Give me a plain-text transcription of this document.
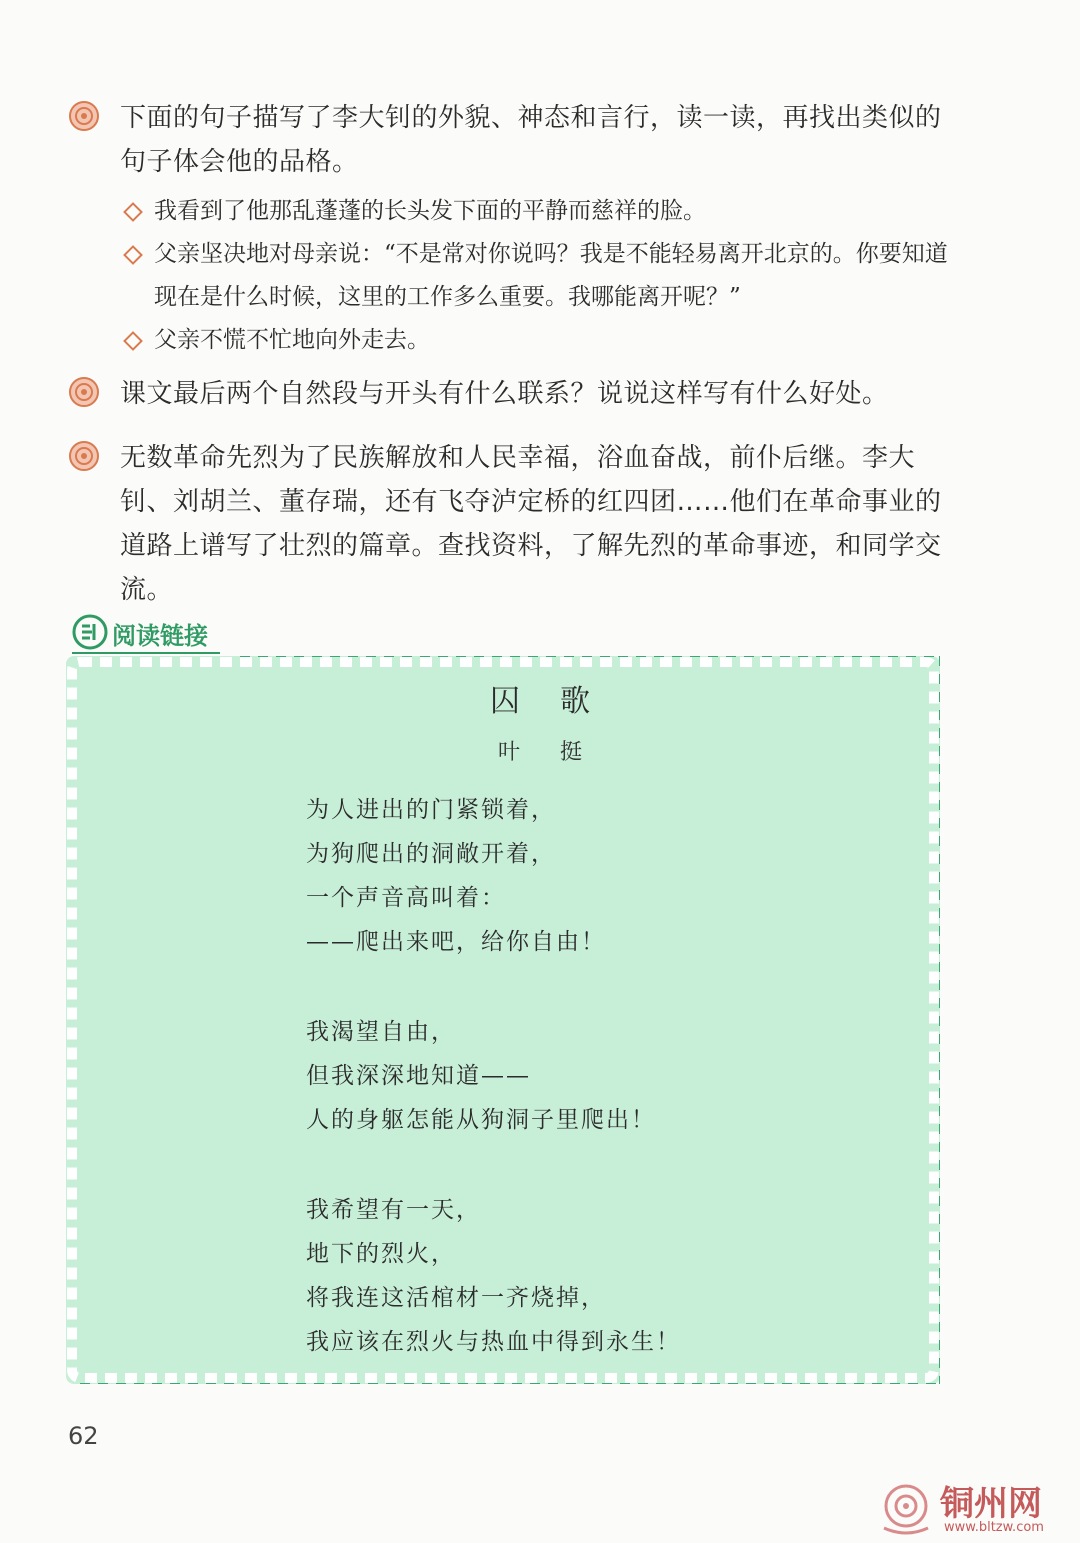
下面的句子描写了李大钊的外貌、神态和言行，读一读，再找出类似的句子体会他的品格。
我看到了他那乱蓬蓬的长头发下面的平静而慈祥的脸。
父亲坚决地对母亲说：“不是常对你说吗？我是不能轻易离开北京的。你要知道现在是什么时候，这里的工作多么重要。我哪能离开呢？”
父亲不慌不忙地向外走去。
课文最后两个自然段与开头有什么联系？说说这样写有什么好处。
无数革命先烈为了民族解放和人民幸福，浴血奋战，前仆后继。李大钊、刘胡兰、董存瑞，还有飞夺泸定桥的红四团……他们在革命事业的道路上谱写了壮烈的篇章。查找资料，了解先烈的革命事迹，和同学交流。
阅读链接
囚歌
叶挺
为人进出的门紧锁着，
为狗爬出的洞敞开着，
一个声音高叫着：
——爬出来吧，给你自由！
我渴望自由，
但我深深地知道——
人的身躯怎能从狗洞子里爬出！
我希望有一天，
地下的烈火，
将我连这活棺材一齐烧掉，
我应该在烈火与热血中得到永生！
62
铜州网
www.bltzw.com
